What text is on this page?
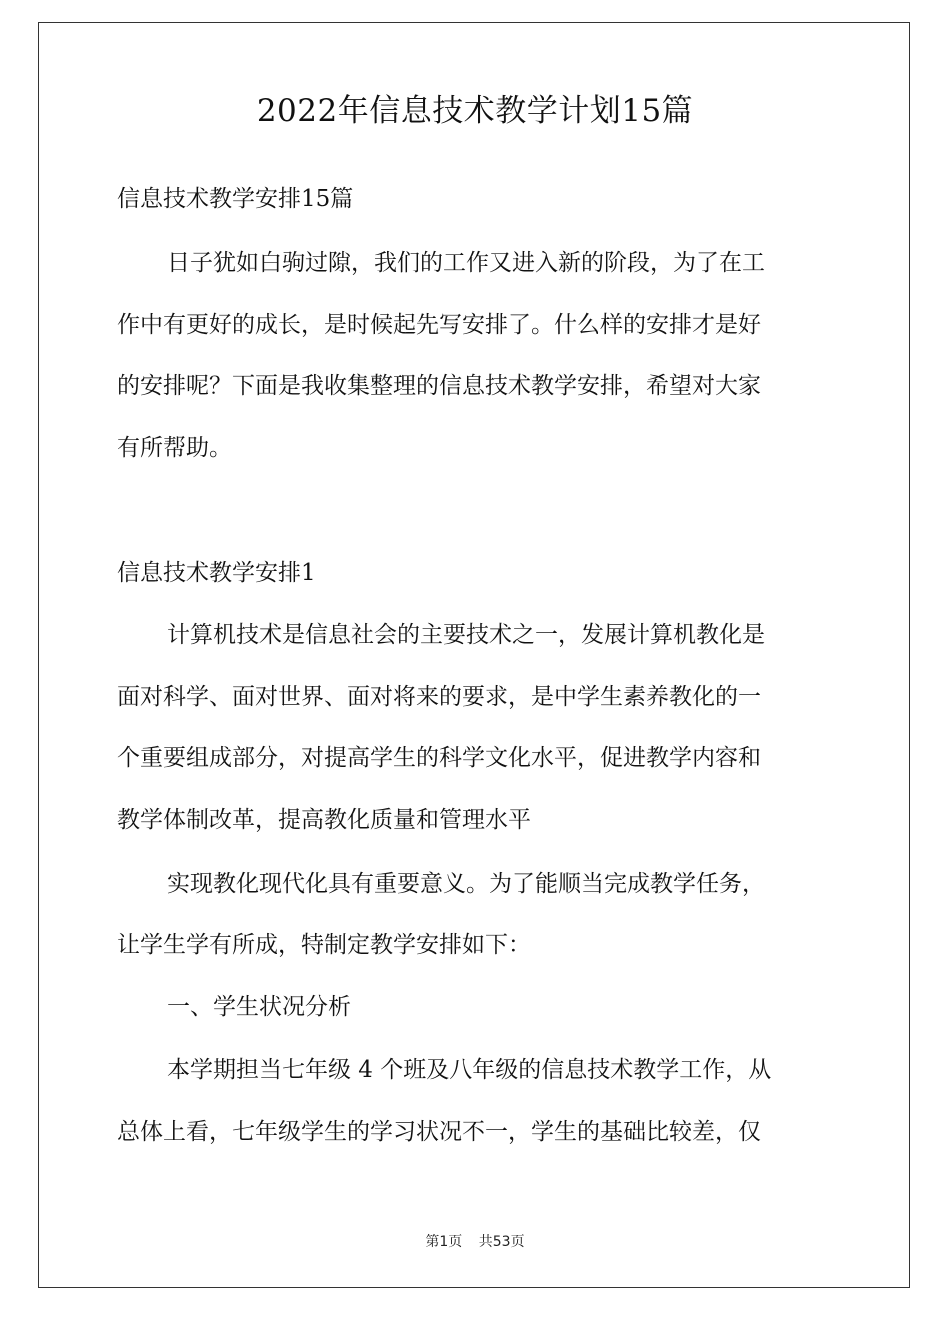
2022年信息技术教学计划15篇

信息技术教学安排15篇

日子犹如白驹过隙，我们的工作又进入新的阶段，为了在工

作中有更好的成长，是时候起先写安排了。什么样的安排才是好

的安排呢？下面是我收集整理的信息技术教学安排，希望对大家

有所帮助。

信息技术教学安排1

计算机技术是信息社会的主要技术之一，发展计算机教化是

面对科学、面对世界、面对将来的要求，是中学生素养教化的一

个重要组成部分，对提高学生的科学文化水平，促进教学内容和

教学体制改革，提高教化质量和管理水平

实现教化现代化具有重要意义。为了能顺当完成教学任务，

让学生学有所成，特制定教学安排如下：

一、学生状况分析

本学期担当七年级 4 个班及八年级的信息技术教学工作，从

总体上看，七年级学生的学习状况不一，学生的基础比较差，仅

第1页 共53页
